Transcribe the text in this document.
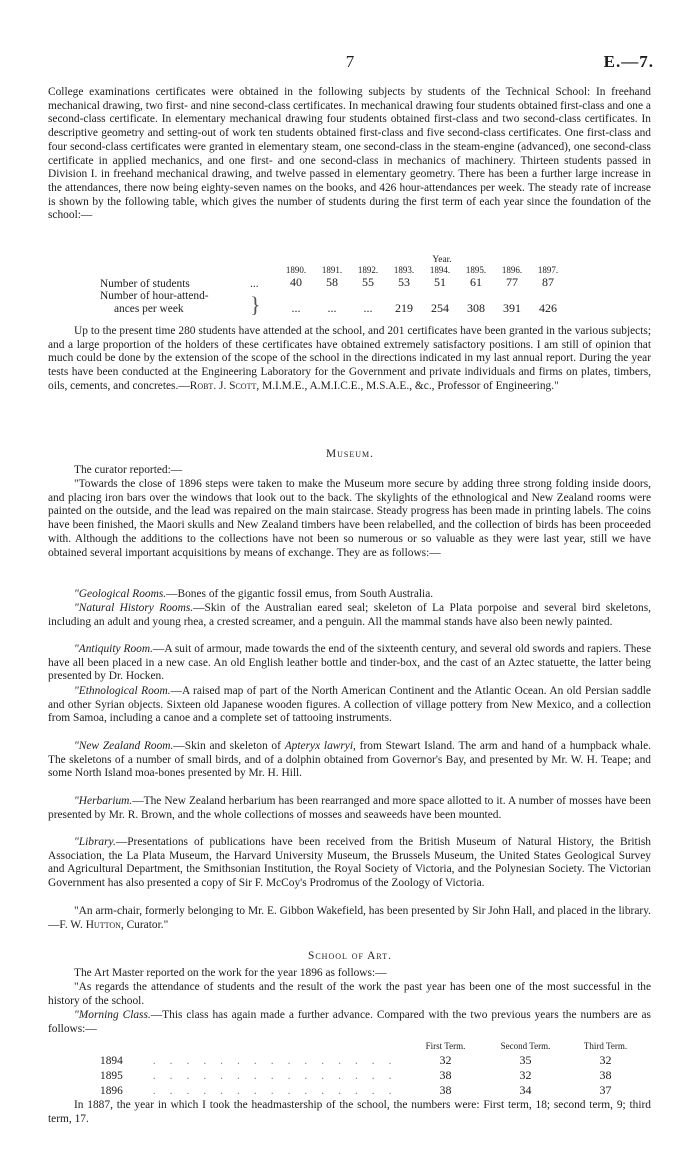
7	E.—7.
College examinations certificates were obtained in the following subjects by students of the Technical School: In freehand mechanical drawing, two first- and nine second-class certificates. In mechanical drawing four students obtained first-class and one a second-class certificate. In elementary mechanical drawing four students obtained first-class and two second-class certificates. In descriptive geometry and setting-out of work ten students obtained first-class and five second-class certificates. One first-class and four second-class certificates were granted in elementary steam, one second-class in the steam-engine (advanced), one second-class certificate in applied mechanics, and one first- and one second-class in mechanics of machinery. Thirteen students passed in Division I. in freehand mechanical drawing, and twelve passed in elementary geometry. There has been a further large increase in the attendances, there now being eighty-seven names on the books, and 426 hour-attendances per week. The steady rate of increase is shown by the following table, which gives the number of students during the first term of each year since the foundation of the school:—
		Year.							
		1890.	1891.	1892.	1893.	1894.	1895.	1896.	1897.
Number of students	...	40	58	55	53	51	61	77	87
Number of hour-attend-
ances per week	}	...	...	...	219	254	308	391	426
Up to the present time 280 students have attended at the school, and 201 certificates have been granted in the various subjects; and a large proportion of the holders of these certificates have obtained extremely satisfactory positions. I am still of opinion that much could be done by the extension of the scope of the school in the directions indicated in my last annual report. During the year tests have been conducted at the Engineering Laboratory for the Government and private individuals and firms on plates, timbers, oils, cements, and concretes.—Robt. J. Scott, M.I.M.E., A.M.I.C.E., M.S.A.E., &c., Professor of Engineering."
Museum.
The curator reported:—
"Towards the close of 1896 steps were taken to make the Museum more secure by adding three strong folding inside doors, and placing iron bars over the windows that look out to the back. The skylights of the ethnological and New Zealand rooms were painted on the outside, and the lead was repaired on the main staircase. Steady progress has been made in printing labels. The coins have been finished, the Maori skulls and New Zealand timbers have been relabelled, and the collection of birds has been proceeded with. Although the additions to the collections have not been so numerous or so valuable as they were last year, still we have obtained several important acquisitions by means of exchange. They are as follows:—
"Geological Rooms.—Bones of the gigantic fossil emus, from South Australia.
"Natural History Rooms.—Skin of the Australian eared seal; skeleton of La Plata porpoise and several bird skeletons, including an adult and young rhea, a crested screamer, and a penguin. All the mammal stands have also been newly painted.
"Antiquity Room.—A suit of armour, made towards the end of the sixteenth century, and several old swords and rapiers. These have all been placed in a new case. An old English leather bottle and tinder-box, and the cast of an Aztec statuette, the latter being presented by Dr. Hocken.
"Ethnological Room.—A raised map of part of the North American Continent and the Atlantic Ocean. An old Persian saddle and other Syrian objects. Sixteen old Japanese wooden figures. A collection of village pottery from New Mexico, and a collection from Samoa, including a canoe and a complete set of tattooing instruments.
"New Zealand Room.—Skin and skeleton of Apteryx lawryi, from Stewart Island. The arm and hand of a humpback whale. The skeletons of a number of small birds, and of a dolphin obtained from Governor's Bay, and presented by Mr. W. H. Teape; and some North Island moa-bones presented by Mr. H. Hill.
"Herbarium.—The New Zealand herbarium has been rearranged and more space allotted to it. A number of mosses have been presented by Mr. R. Brown, and the whole collections of mosses and seaweeds have been mounted.
"Library.—Presentations of publications have been received from the British Museum of Natural History, the British Association, the La Plata Museum, the Harvard University Museum, the Brussels Museum, the United States Geological Survey and Agricultural Department, the Smithsonian Institution, the Royal Society of Victoria, and the Polynesian Society. The Victorian Government has also presented a copy of Sir F. McCoy's Prodromus of the Zoology of Victoria.
"An arm-chair, formerly belonging to Mr. E. Gibbon Wakefield, has been presented by Sir John Hall, and placed in the library.—F. W. Hutton, Curator."
School of Art.
The Art Master reported on the work for the year 1896 as follows:—
"As regards the attendance of students and the result of the work the past year has been one of the most successful in the history of the school.
"Morning Class.—This class has again made a further advance. Compared with the two previous years the numbers are as follows:—
	First Term.	Second Term.	Third Term.
1894 ...............	32	35	32
1895 ...............	38	32	38
1896 ...............	38	34	37
In 1887, the year in which I took the headmastership of the school, the numbers were: First term, 18; second term, 9; third term, 17.
